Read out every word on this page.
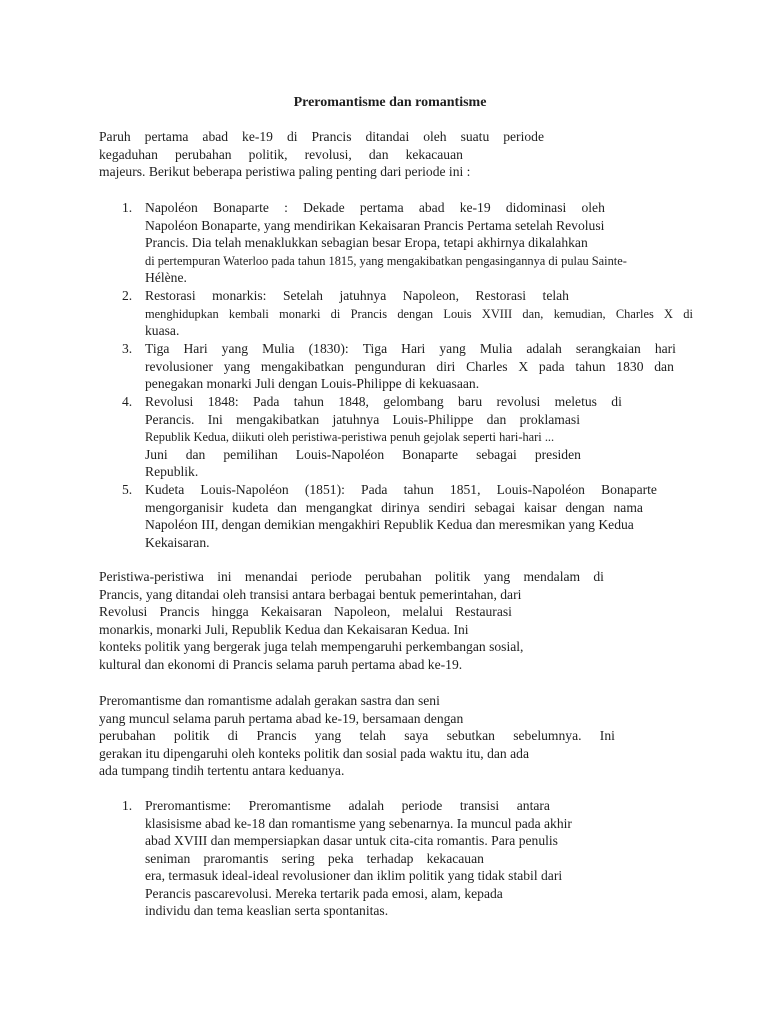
Preromantisme dan romantisme
Paruh pertama abad ke-19 di Prancis ditandai oleh suatu periode
kegaduhan perubahan politik, revolusi, dan kekacauan
majeurs. Berikut beberapa peristiwa paling penting dari periode ini :
1. Napoléon Bonaparte : Dekade pertama abad ke-19 didominasi oleh
Napoléon Bonaparte, yang mendirikan Kekaisaran Prancis Pertama setelah Revolusi
Prancis. Dia telah menaklukkan sebagian besar Eropa, tetapi akhirnya dikalahkan
di pertempuran Waterloo pada tahun 1815, yang mengakibatkan pengasingannya di pulau Sainte-
Hélène.
2. Restorasi monarkis: Setelah jatuhnya Napoleon, Restorasi telah
menghidupkan kembali monarki di Prancis dengan Louis XVIII dan, kemudian, Charles X di
kuasa.
3. Tiga Hari yang Mulia (1830): Tiga Hari yang Mulia adalah serangkaian hari
revolusioner yang mengakibatkan pengunduran diri Charles X pada tahun 1830 dan
penegakan monarki Juli dengan Louis-Philippe di kekuasaan.
4. Revolusi 1848: Pada tahun 1848, gelombang baru revolusi meletus di
Perancis. Ini mengakibatkan jatuhnya Louis-Philippe dan proklamasi
Republik Kedua, diikuti oleh peristiwa-peristiwa penuh gejolak seperti hari-hari ...
Juni dan pemilihan Louis-Napoléon Bonaparte sebagai presiden
Republik.
5. Kudeta Louis-Napoléon (1851): Pada tahun 1851, Louis-Napoléon Bonaparte
mengorganisir kudeta dan mengangkat dirinya sendiri sebagai kaisar dengan nama
Napoléon III, dengan demikian mengakhiri Republik Kedua dan meresmikan yang Kedua
Kekaisaran.
Peristiwa-peristiwa ini menandai periode perubahan politik yang mendalam di
Prancis, yang ditandai oleh transisi antara berbagai bentuk pemerintahan, dari
Revolusi Prancis hingga Kekaisaran Napoleon, melalui Restaurasi
monarkis, monarki Juli, Republik Kedua dan Kekaisaran Kedua. Ini
konteks politik yang bergerak juga telah mempengaruhi perkembangan sosial,
kultural dan ekonomi di Prancis selama paruh pertama abad ke-19.
Preromantisme dan romantisme adalah gerakan sastra dan seni
yang muncul selama paruh pertama abad ke-19, bersamaan dengan
perubahan politik di Prancis yang telah saya sebutkan sebelumnya. Ini
gerakan itu dipengaruhi oleh konteks politik dan sosial pada waktu itu, dan ada
ada tumpang tindih tertentu antara keduanya.
1. Preromantisme: Preromantisme adalah periode transisi antara
klasisisme abad ke-18 dan romantisme yang sebenarnya. Ia muncul pada akhir
abad XVIII dan mempersiapkan dasar untuk cita-cita romantis. Para penulis
seniman praromantis sering peka terhadap kekacauan
era, termasuk ideal-ideal revolusioner dan iklim politik yang tidak stabil dari
Perancis pascarevolusi. Mereka tertarik pada emosi, alam, kepada
individu dan tema keaslian serta spontanitas.
